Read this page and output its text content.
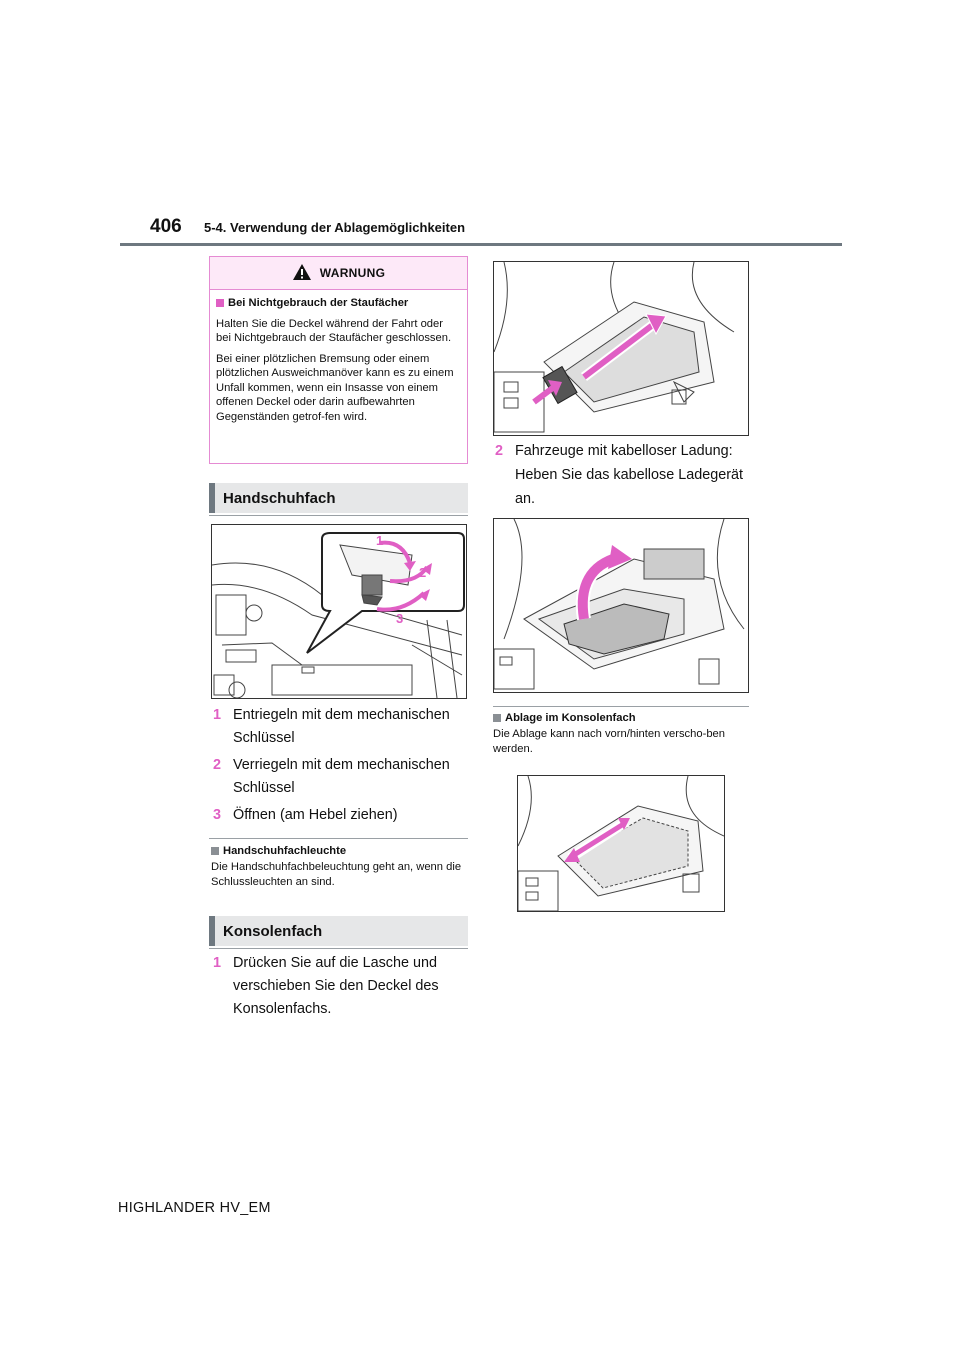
406 5-4. Verwendung der Ablagemöglichkeiten
WARNUNG

Bei Nichtgebrauch der Staufächer

Halten Sie die Deckel während der Fahrt oder bei Nichtgebrauch der Staufächer geschlossen.

Bei einer plötzlichen Bremsung oder einem plötzlichen Ausweichmanöver kann es zu einem Unfall kommen, wenn ein Insasse von einem offenen Deckel oder darin aufbewahrten Gegenständen getrof-fen wird.

Handschuhfach
1
2
3
1 Entriegeln mit dem mechanischen Schlüssel
2 Verriegeln mit dem mechanischen Schlüssel
3 Öffnen (am Hebel ziehen)
Handschuhfachleuchte
Die Handschuhfachbeleuchtung geht an, wenn die Schlussleuchten an sind.
Konsolenfach
1 Drücken Sie auf die Lasche und verschieben Sie den Deckel des Konsolenfachs.
2 Fahrzeuge mit kabelloser Ladung: Heben Sie das kabellose Ladegerät an.
Ablage im Konsolenfach
Die Ablage kann nach vorn/hinten verscho-ben werden.
HIGHLANDER HV_EM
